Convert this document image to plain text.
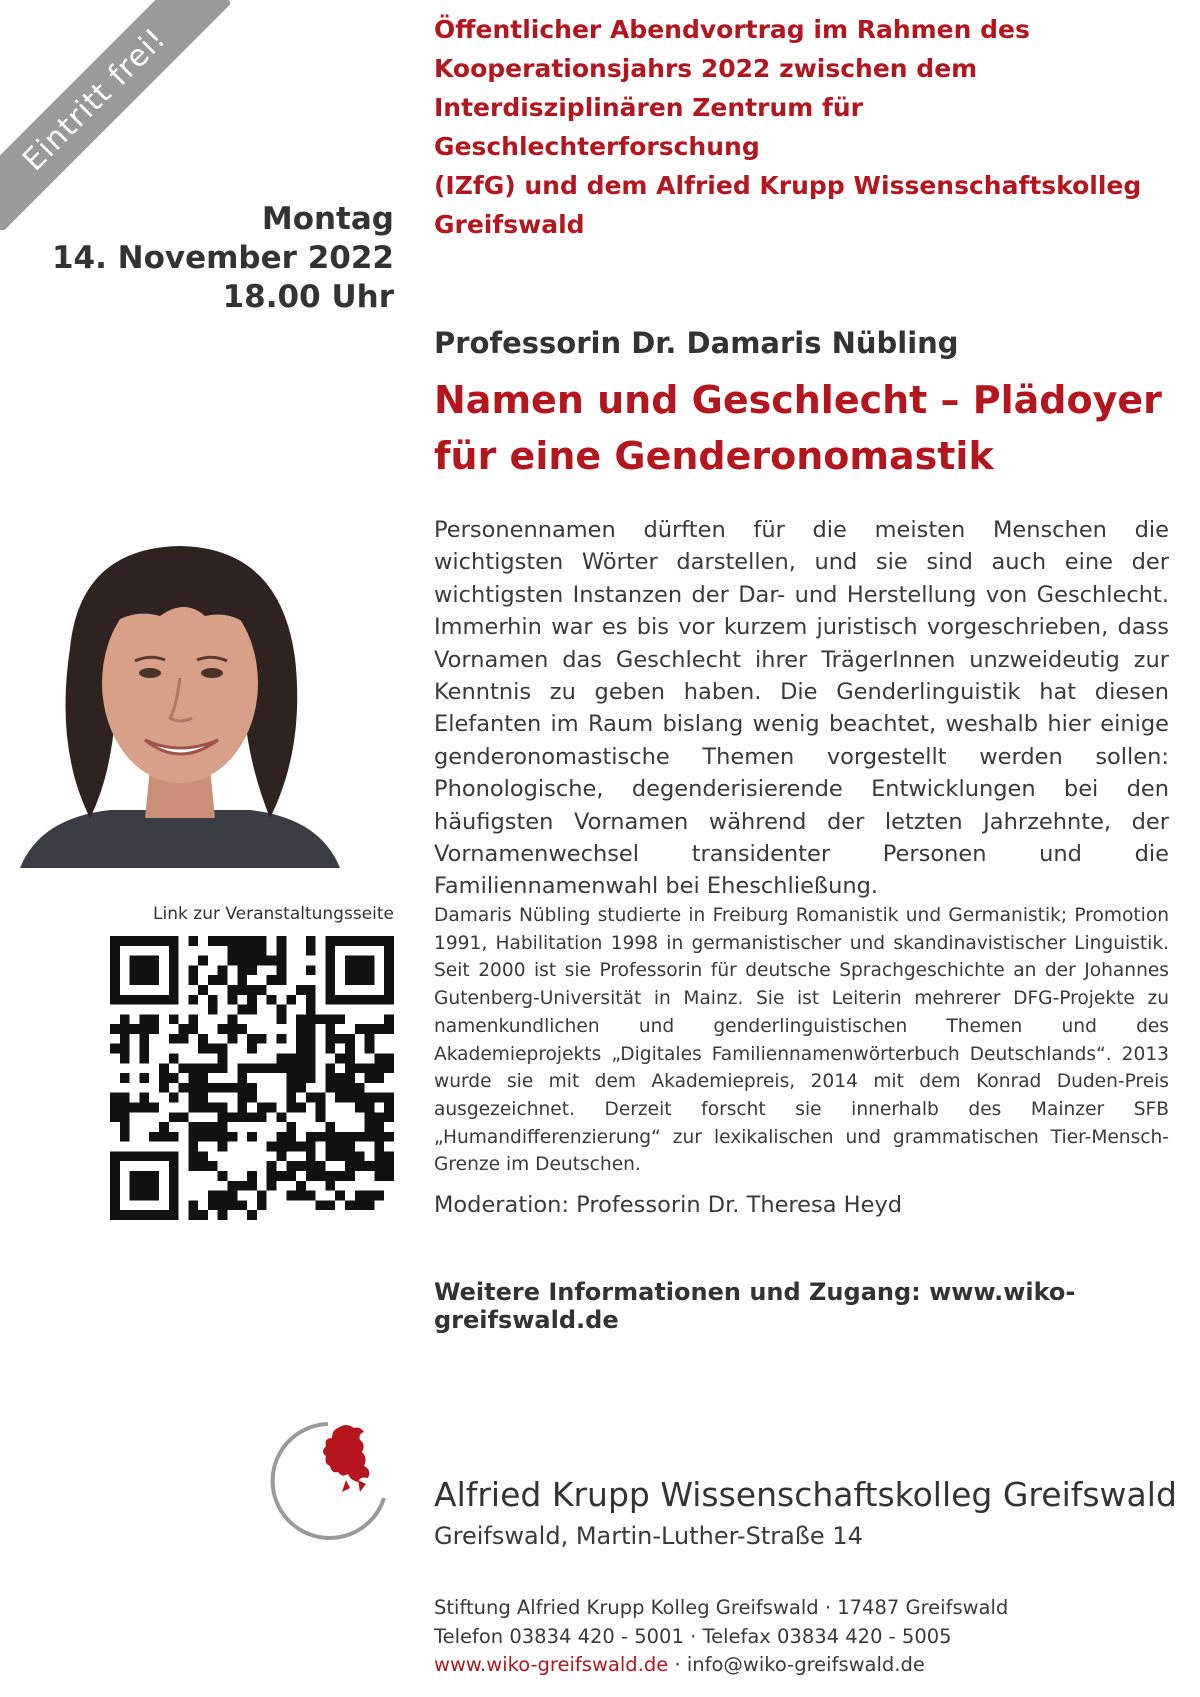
Eintritt frei!	Öffentlicher Abendvortrag im Rahmen des
Kooperationsjahrs 2022 zwischen dem
Interdisziplinären Zentrum für Geschlechterforschung
(IZfG) und dem Alfried Krupp Wissenschaftskolleg
Greifswald
Montag
14. November 2022
18.00 Uhr
Professorin Dr. Damaris Nübling
Namen und Geschlecht – Plädoyer
für eine Genderonomastik
Personennamen dürften für die meisten Menschen die wichtigsten Wörter darstellen, und sie sind auch eine der wichtigsten Instanzen der Dar- und Herstellung von Geschlecht. Immerhin war es bis vor kurzem juristisch vorgeschrieben, dass Vornamen das Geschlecht ihrer TrägerInnen unzweideutig zur Kenntnis zu geben haben. Die Genderlinguistik hat diesen Elefanten im Raum bislang wenig beachtet, weshalb hier einige genderonomastische Themen vorgestellt werden sollen: Phonologische, degenderisierende Entwicklungen bei den häufigsten Vornamen während der letzten Jahrzehnte, der Vornamenwechsel transidenter Personen und die Familiennamenwahl bei Eheschließung.
Link zur Veranstaltungsseite Damaris Nübling studierte in Freiburg Romanistik und Germanistik; Promotion 1991, Habilitation 1998 in germanistischer und skandinavistischer Linguistik. Seit 2000 ist sie Professorin für deutsche Sprachgeschichte an der Johannes Gutenberg-Universität in Mainz. Sie ist Leiterin mehrerer DFG-Projekte zu namenkundlichen und genderlinguistischen Themen und des Akademieprojekts „Digitales Familiennamenwörterbuch Deutschlands“. 2013 wurde sie mit dem Akademiepreis, 2014 mit dem Konrad Duden-Preis ausgezeichnet. Derzeit forscht sie innerhalb des Mainzer SFB „Humandifferenzierung“ zur lexikalischen und grammatischen Tier-Mensch-Grenze im Deutschen.
Moderation: Professorin Dr. Theresa Heyd
Weitere Informationen und Zugang: www.wiko-greifswald.de
Alfried Krupp Wissenschaftskolleg Greifswald
Greifswald, Martin-Luther-Straße 14
Stiftung Alfried Krupp Kolleg Greifswald · 17487 Greifswald
Telefon 03834 420 - 5001 · Telefax 03834 420 - 5005
www.wiko-greifswald.de · info@wiko-greifswald.de
